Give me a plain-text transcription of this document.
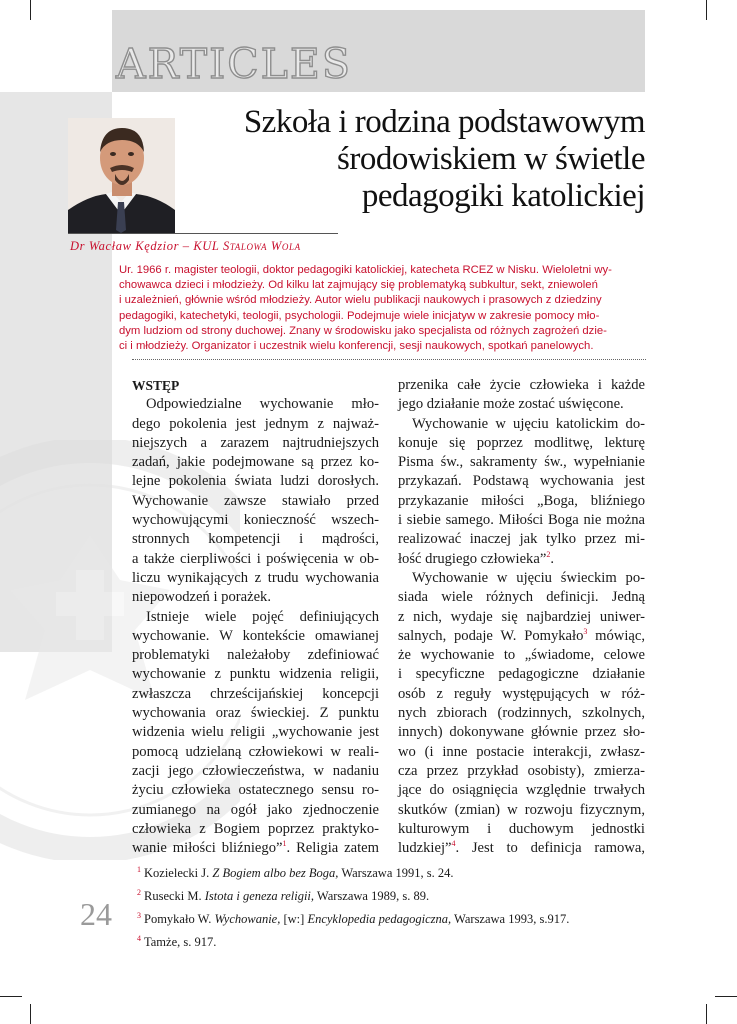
ARTICLES
Szkoła i rodzina podstawowym
środowiskiem w świetle
pedagogiki katolickiej
Dr Wacław Kędzior – KUL Stalowa Wola
Ur. 1966 r. magister teologii, doktor pedagogiki katolickiej, katecheta RCEZ w Nisku. Wieloletni wy-
chowawca dzieci i młodzieży. Od kilku lat zajmujący się problematyką subkultur, sekt, zniewoleń
i uzależnień, głównie wśród młodzieży. Autor wielu publikacji naukowych i prasowych z dziedziny
pedagogiki, katechetyki, teologii, psychologii. Podejmuje wiele inicjatyw w zakresie pomocy mło-
dym ludziom od strony duchowej. Znany w środowisku jako specjalista od różnych zagrożeń dzie-
ci i młodzieży. Organizator i uczestnik wielu konferencji, sesji naukowych, spotkań panelowych.
WSTĘP
Odpowiedzialne wychowanie mło-
dego pokolenia jest jednym z najważ-
niejszych a zarazem najtrudniejszych
zadań, jakie podejmowane są przez ko-
lejne pokolenia świata ludzi dorosłych.
Wychowanie zawsze stawiało przed
wychowującymi konieczność wszech-
stronnych kompetencji i mądrości,
a także cierpliwości i poświęcenia w ob-
liczu wynikających z trudu wychowania
niepowodzeń i porażek.
Istnieje wiele pojęć definiujących
wychowanie. W kontekście omawianej
problematyki należałoby zdefiniować
wychowanie z punktu widzenia religii,
zwłaszcza chrześcijańskiej koncepcji
wychowania oraz świeckiej. Z punktu
widzenia wielu religii „wychowanie jest
pomocą udzielaną człowiekowi w reali-
zacji jego człowieczeństwa, w nadaniu
życiu człowieka ostatecznego sensu ro-
zumianego na ogół jako zjednoczenie
człowieka z Bogiem poprzez praktyko-
wanie miłości bliźniego”$^1$. Religia zatem
przenika całe życie człowieka i każde
jego działanie może zostać uświęcone.
Wychowanie w ujęciu katolickim do-
konuje się poprzez modlitwę, lekturę
Pisma św., sakramenty św., wypełnianie
przykazań. Podstawą wychowania jest
przykazanie miłości „Boga, bliźniego
i siebie samego. Miłości Boga nie można
realizować inaczej jak tylko przez mi-
łość drugiego człowieka”$^2$.
Wychowanie w ujęciu świeckim po-
siada wiele różnych definicji. Jedną
z nich, wydaje się najbardziej uniwer-
salnych, podaje W. Pomykało$^3$ mówiąc,
że wychowanie to „świadome, celowe
i specyficzne pedagogiczne działanie
osób z reguły występujących w róż-
nych zbiorach (rodzinnych, szkolnych,
innych) dokonywane głównie przez sło-
wo (i inne postacie interakcji, zwłasz-
cza przez przykład osobisty), zmierza-
jące do osiągnięcia względnie trwałych
skutków (zmian) w rozwoju fizycznym,
kulturowym i duchowym jednostki
ludzkiej”$^4$. Jest to definicja ramowa,
$^1$ Kozielecki J. Z Bogiem albo bez Boga, Warszawa 1991, s. 24.
$^2$ Rusecki M. Istota i geneza religii, Warszawa 1989, s. 89.
$^3$ Pomykało W. Wychowanie, [w:] Encyklopedia pedagogiczna, Warszawa 1993, s.917.
$^4$ Tamże, s. 917.
24
